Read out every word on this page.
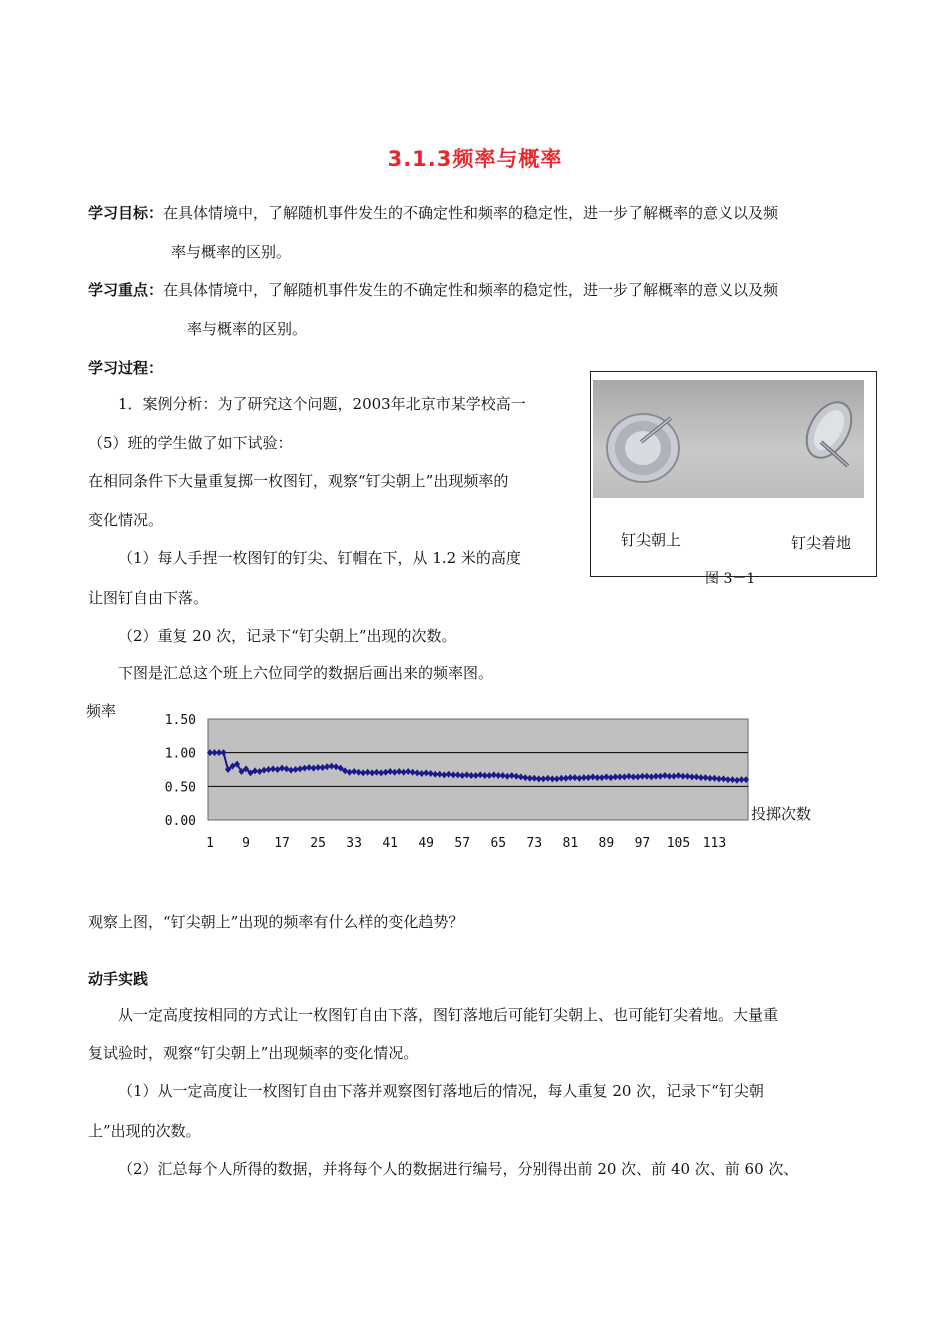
3.1.3频率与概率
学习目标：在具体情境中，了解随机事件发生的不确定性和频率的稳定性，进一步了解概率的意义以及频
率与概率的区别。
学习重点：在具体情境中，了解随机事件发生的不确定性和频率的稳定性，进一步了解概率的意义以及频
率与概率的区别。
学习过程：
1．案例分析：为了研究这个问题，2003年北京市某学校高一
（5）班的学生做了如下试验：
在相同条件下大量重复掷一枚图钉，观察“钉尖朝上”出现频率的
变化情况。
（1）每人手捏一枚图钉的钉尖、钉帽在下，从 1.2 米的高度
让图钉自由下落。
（2）重复 20 次，记录下“钉尖朝上”出现的次数。
下图是汇总这个班上六位同学的数据后画出来的频率图。
钉尖朝上	钉尖着地
图 3－1
频率
投掷次数
1.50
1.00
0.50
0.00
1 9 17 25 33 41 49 57 65 73 81 89 97 105 113
观察上图，“钉尖朝上”出现的频率有什么样的变化趋势？
动手实践
从一定高度按相同的方式让一枚图钉自由下落，图钉落地后可能钉尖朝上、也可能钉尖着地。大量重
复试验时，观察“钉尖朝上”出现频率的变化情况。
（1）从一定高度让一枚图钉自由下落并观察图钉落地后的情况，每人重复 20 次，记录下“钉尖朝
上”出现的次数。
（2）汇总每个人所得的数据，并将每个人的数据进行编号，分别得出前 20 次、前 40 次、前 60 次、
